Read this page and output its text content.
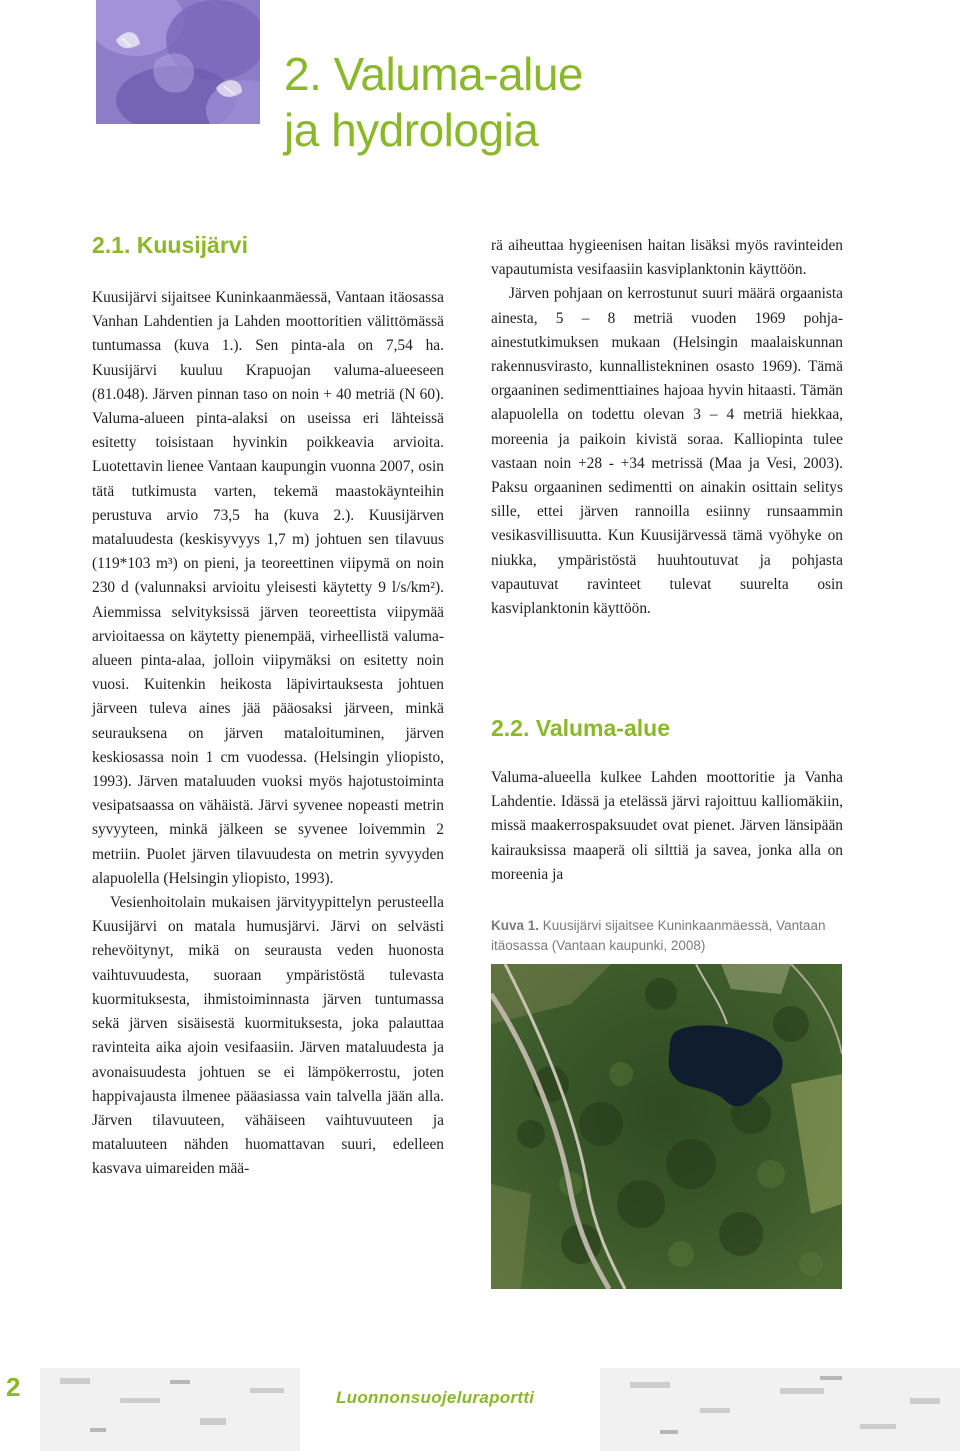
2. Valuma-alue
ja hydrologia
2.1. Kuusijärvi

Kuusijärvi sijaitsee Kuninkaanmäessä, Vantaan itäosassa Vanhan Lahdentien ja Lahden moottoritien välittömässä tuntumassa (kuva 1.). Sen pinta-ala on 7,54 ha. Kuusijärvi kuuluu Krapuojan valuma-alueeseen (81.048). Järven pinnan taso on noin + 40 metriä (N 60). Valuma-alueen pinta-alaksi on useissa eri lähteissä esitetty toisistaan hyvinkin poikkeavia arvioita. Luotettavin lienee Vantaan kaupungin vuonna 2007, osin tätä tutkimusta varten, tekemä maastokäynteihin perustuva arvio 73,5 ha (kuva 2.). Kuusijärven mataluudesta (keskisyvyys 1,7 m) johtuen sen tilavuus (119*103 m³) on pieni, ja teoreettinen viipymä on noin 230 d (valunnaksi arvioitu yleisesti käytetty 9 l/s/km²). Aiemmissa selvityksissä järven teoreettista viipymää arvioitaessa on käytetty pienempää, virheellistä valuma-alueen pinta-alaa, jolloin viipymäksi on esitetty noin vuosi. Kuitenkin heikosta läpivirtauksesta johtuen järveen tuleva aines jää pääosaksi järveen, minkä seurauksena on järven mataloituminen, järven keskiosassa noin 1 cm vuodessa. (Helsingin yliopisto, 1993). Järven mataluuden vuoksi myös hajotustoiminta vesipatsaassa on vähäistä. Järvi syvenee nopeasti metrin syvyyteen, minkä jälkeen se syvenee loivemmin 2 metriin. Puolet järven tilavuudesta on metrin syvyyden alapuolella (Helsingin yliopisto, 1993).

Vesienhoitolain mukaisen järvityypittelyn perusteella Kuusijärvi on matala humusjärvi. Järvi on selvästi rehevöitynyt, mikä on seurausta veden huonosta vaihtuvuudesta, suoraan ympäristöstä tulevasta kuormituksesta, ihmistoiminnasta järven tuntumassa sekä järven sisäisestä kuormituksesta, joka palauttaa ravinteita aika ajoin vesifaasiin. Järven mataluudesta ja avonaisuudesta johtuen se ei lämpökerrostu, joten happivajausta ilmenee pääasiassa vain talvella jään alla. Järven tilavuuteen, vähäiseen vaihtuvuuteen ja mataluuteen nähden huomattavan suuri, edelleen kasvava uimareiden mää-

rä aiheuttaa hygieenisen haitan lisäksi myös ravinteiden vapautumista vesifaasiin kasviplanktonin käyttöön.

Järven pohjaan on kerrostunut suuri määrä orgaanista ainesta, 5 – 8 metriä vuoden 1969 pohja-ainestutkimuksen mukaan (Helsingin maalaiskunnan rakennusvirasto, kunnallistekninen osasto 1969). Tämä orgaaninen sedimenttiaines hajoaa hyvin hitaasti. Tämän alapuolella on todettu olevan 3 – 4 metriä hiekkaa, moreenia ja paikoin kivistä soraa. Kalliopinta tulee vastaan noin +28 - +34 metrissä (Maa ja Vesi, 2003). Paksu orgaaninen sedimentti on ainakin osittain selitys sille, ettei järven rannoilla esiinny runsaammin vesikasvillisuutta. Kun Kuusijärvessä tämä vyöhyke on niukka, ympäristöstä huuhtoutuvat ja pohjasta vapautuvat ravinteet tulevat suurelta osin kasviplanktonin käyttöön.

2.2. Valuma-alue

Valuma-alueella kulkee Lahden moottoritie ja Vanha Lahdentie. Idässä ja etelässä järvi rajoittuu kalliomäkiin, missä maakerrospaksuudet ovat pienet. Järven länsipään kairauksissa maaperä oli silttiä ja savea, jonka alla on moreenia ja

Kuva 1. Kuusijärvi sijaitsee Kuninkaanmäessä, Vantaan itäosassa (Vantaan kaupunki, 2008)
2	Luonnonsuojeluraportti
